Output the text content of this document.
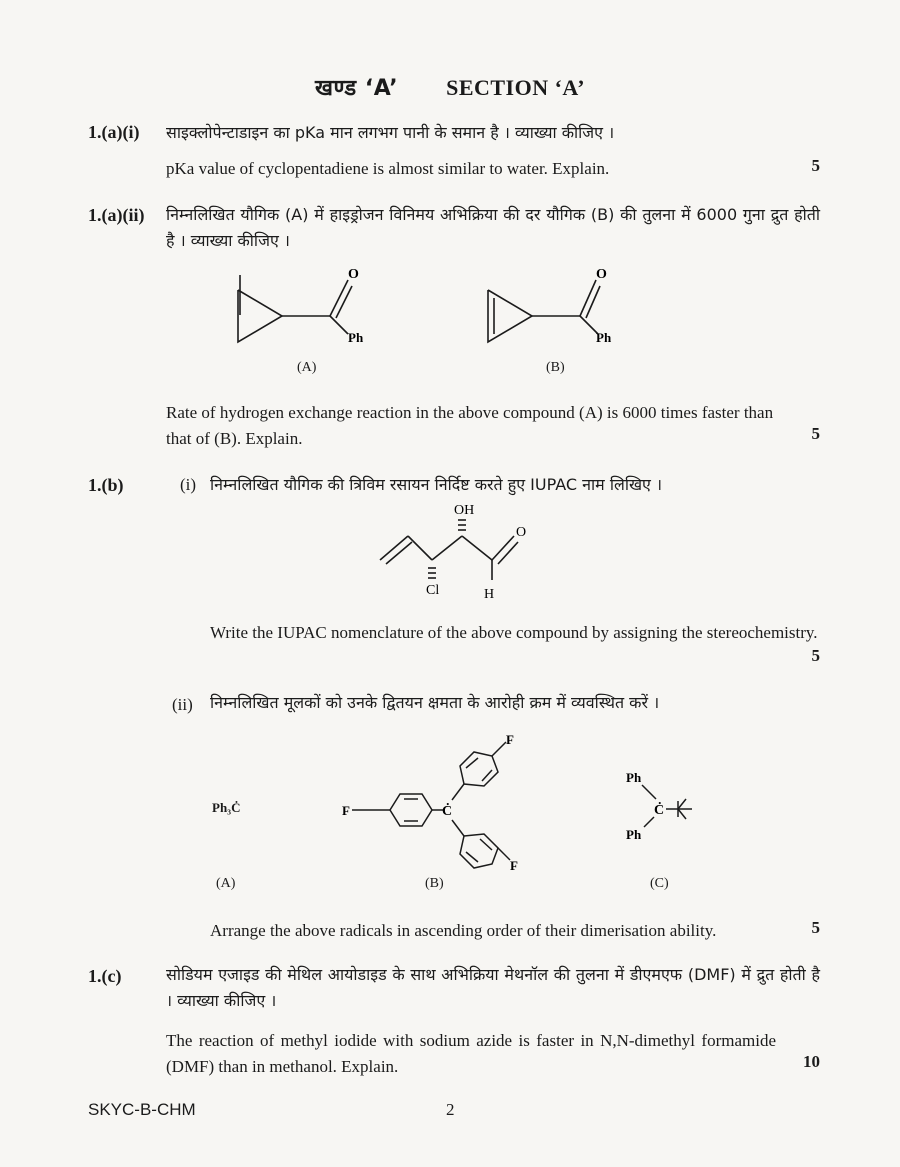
खण्ड ‘A’ SECTION ‘A’
1.(a)(i) साइक्लोपेन्टाडाइन का pKa मान लगभग पानी के समान है । व्याख्या कीजिए ।
pKa value of cyclopentadiene is almost similar to water. Explain.	5
1.(a)(ii) निम्नलिखित यौगिक (A) में हाइड्रोजन विनिमय अभिक्रिया की दर यौगिक (B) की तुलना में 6000 गुना द्रुत होती है । व्याख्या कीजिए ।
O
Ph
O
Ph
(A)	(B)
Rate of hydrogen exchange reaction in the above compound (A) is 6000 times faster than that of (B). Explain.	5
1.(b)	(i) निम्नलिखित यौगिक की त्रिविम रसायन निर्दिष्ट करते हुए IUPAC नाम लिखिए ।
OH
O
Cl	H
Write the IUPAC nomenclature of the above compound by assigning the stereochemistry.
5
(ii) निम्नलिखित मूलकों को उनके द्वितयन क्षमता के आरोही क्रम में व्यवस्थित करें ।
Ph₃Ċ	F	Ċ
F
F
Ph
Ċ
Ph
(A)	(B)	(C)
Arrange the above radicals in ascending order of their dimerisation ability.	5
1.(c)	सोडियम एजाइड की मेथिल आयोडाइड के साथ अभिक्रिया मेथनॉल की तुलना में डीएमएफ (DMF) में द्रुत होती है । व्याख्या कीजिए ।
The reaction of methyl iodide with sodium azide is faster in N,N-dimethyl formamide (DMF) than in methanol. Explain.	10
SKYC-B-CHM	2
